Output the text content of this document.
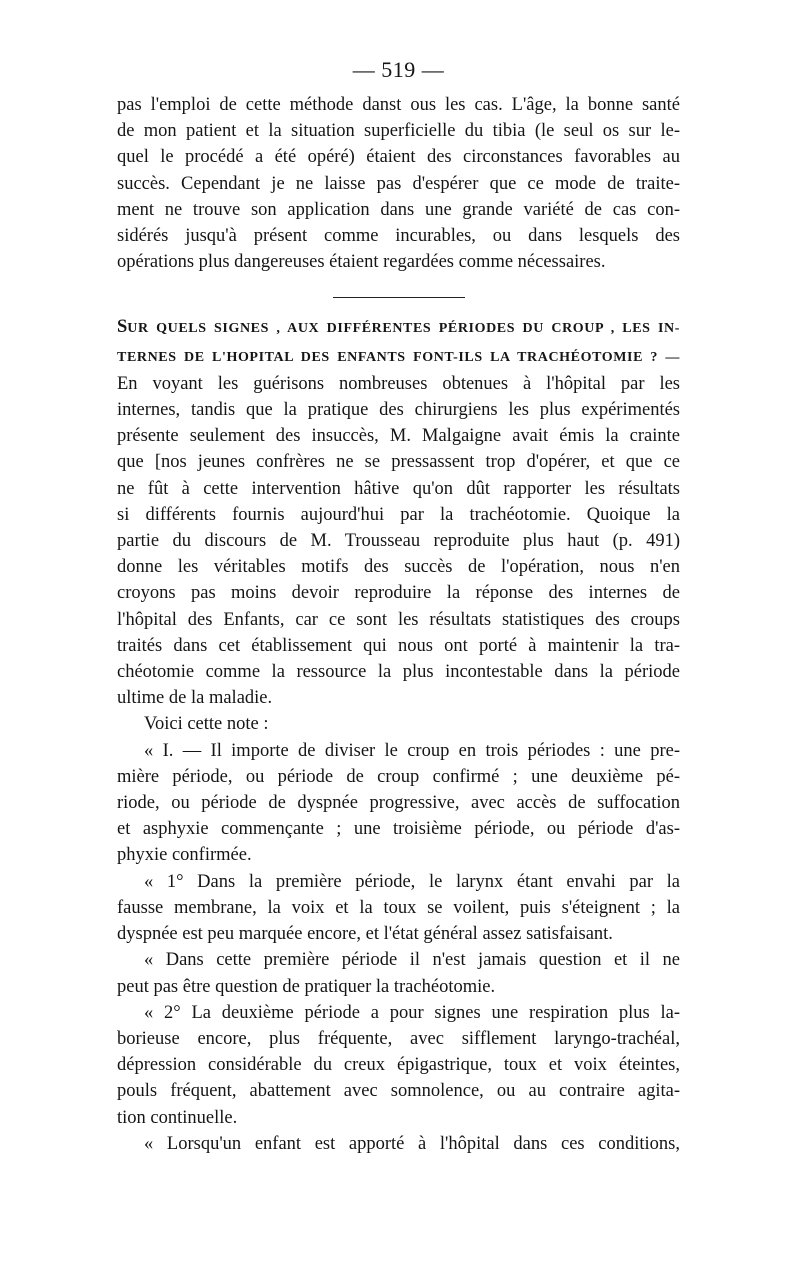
— 519 —

pas l'emploi de cette méthode danst ous les cas. L'âge, la bonne santé

de mon patient et la situation superficielle du tibia (le seul os sur le-

quel le procédé a été opéré) étaient des circonstances favorables au

succès. Cependant je ne laisse pas d'espérer que ce mode de traite-

ment ne trouve son application dans une grande variété de cas con-

sidérés jusqu'à présent comme incurables, ou dans lesquels des

opérations plus dangereuses étaient regardées comme nécessaires.

SUR QUELS SIGNES , AUX DIFFÉRENTES PÉRIODES DU CROUP , LES IN-

TERNES DE L'HOPITAL DES ENFANTS FONT-ILS LA TRACHÉOTOMIE ? —

En voyant les guérisons nombreuses obtenues à l'hôpital par les

internes, tandis que la pratique des chirurgiens les plus expérimentés

présente seulement des insuccès, M. Malgaigne avait émis la crainte

que [nos jeunes confrères ne se pressassent trop d'opérer, et que ce

ne fût à cette intervention hâtive qu'on dût rapporter les résultats

si différents fournis aujourd'hui par la trachéotomie. Quoique la

partie du discours de M. Trousseau reproduite plus haut (p. 491)

donne les véritables motifs des succès de l'opération, nous n'en

croyons pas moins devoir reproduire la réponse des internes de

l'hôpital des Enfants, car ce sont les résultats statistiques des croups

traités dans cet établissement qui nous ont porté à maintenir la tra-

chéotomie comme la ressource la plus incontestable dans la période

ultime de la maladie.

Voici cette note :

« I. — Il importe de diviser le croup en trois périodes : une pre-

mière période, ou période de croup confirmé ; une deuxième pé-

riode, ou période de dyspnée progressive, avec accès de suffocation

et asphyxie commençante ; une troisième période, ou période d'as-

phyxie confirmée.

« 1° Dans la première période, le larynx étant envahi par la

fausse membrane, la voix et la toux se voilent, puis s'éteignent ; la

dyspnée est peu marquée encore, et l'état général assez satisfaisant.

« Dans cette première période il n'est jamais question et il ne

peut pas être question de pratiquer la trachéotomie.

« 2° La deuxième période a pour signes une respiration plus la-

borieuse encore, plus fréquente, avec sifflement laryngo-trachéal,

dépression considérable du creux épigastrique, toux et voix éteintes,

pouls fréquent, abattement avec somnolence, ou au contraire agita-

tion continuelle.

« Lorsqu'un enfant est apporté à l'hôpital dans ces conditions,
